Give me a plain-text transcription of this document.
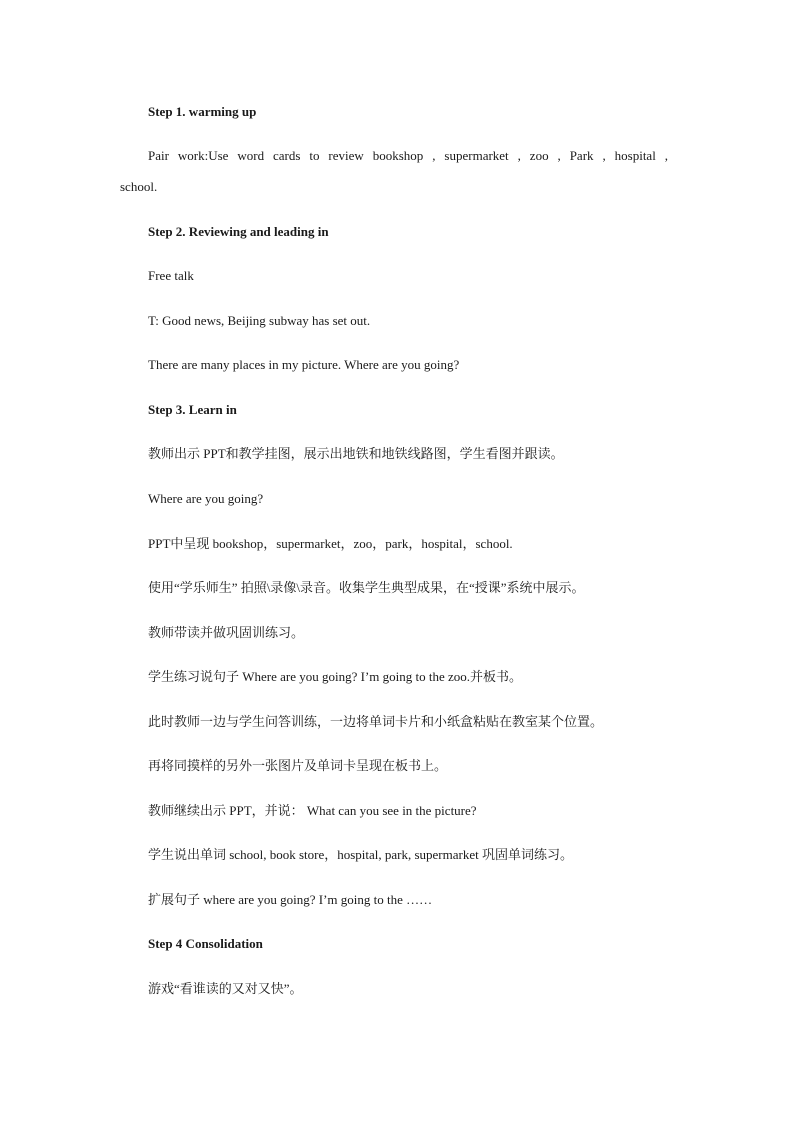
Step 1. warming up
Pair work:Use word cards to review bookshop , supermarket , zoo , Park , hospital ,
school.
Step 2. Reviewing and leading in
Free talk
T: Good news, Beijing subway has set out.
There are many places in my picture. Where are you going?
Step 3. Learn in
教师出示 PPT和教学挂图，展示出地铁和地铁线路图，学生看图并跟读。
Where are you going?
PPT中呈现 bookshop，supermarket，zoo，park，hospital，school.
使用“学乐师生” 拍照\录像\录音。收集学生典型成果，在“授课”系统中展示。
教师带读并做巩固训练习。
学生练习说句子 Where are you going? I’m going to the zoo.并板书。
此时教师一边与学生问答训练，一边将单词卡片和小纸盒粘贴在教室某个位置。
再将同摸样的另外一张图片及单词卡呈现在板书上。
教师继续出示 PPT，并说： What can you see in the picture?
学生说出单词 school, book store，hospital, park, supermarket 巩固单词练习。
扩展句子 where are you going? I’m going to the ……
Step 4 Consolidation
游戏“看谁读的又对又快”。
